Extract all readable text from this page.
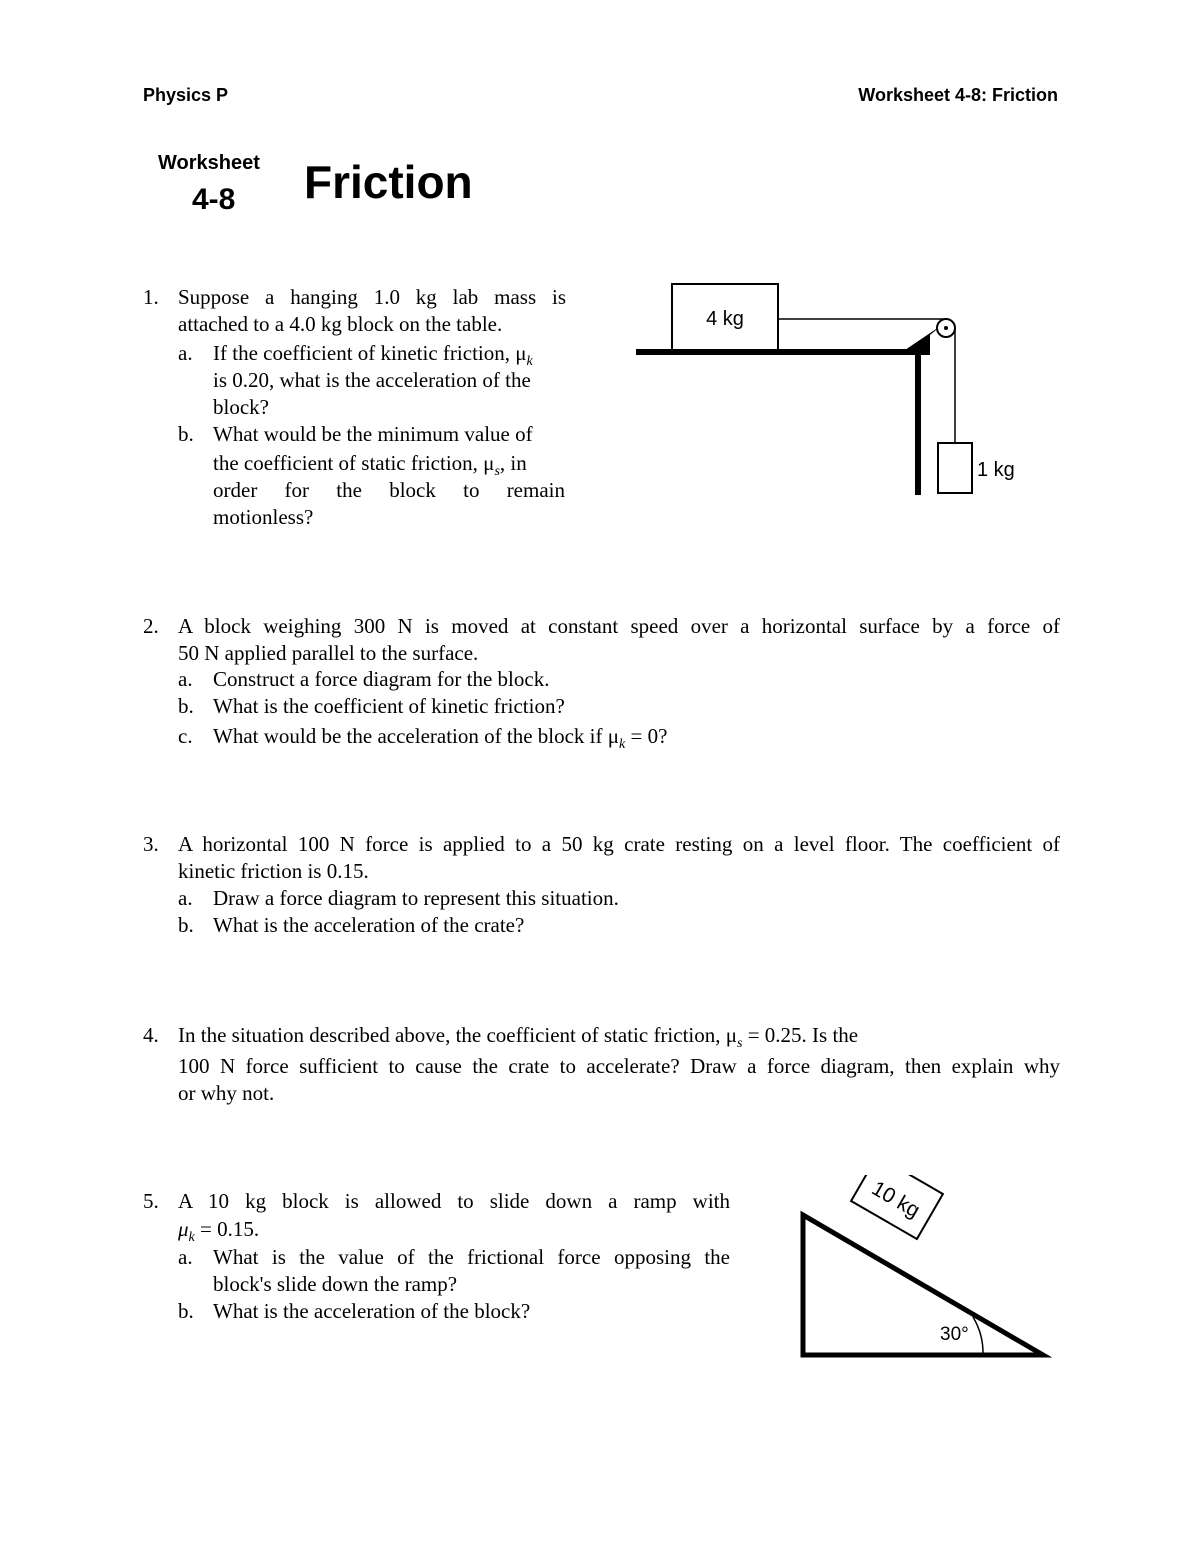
Physics P	Worksheet 4-8: Friction
Worksheet
4-8 Friction
1. Suppose a hanging 1.0 kg lab mass is
attached to a 4.0 kg block on the table.
a. If the coefficient of kinetic friction, $\mu_k$
is 0.20, what is the acceleration of the
block?
b. What would be the minimum value of
the coefficient of static friction, $\mu_s$, in
order for the block to remain
motionless?
4 kg
1 kg
2. A block weighing 300 N is moved at constant speed over a horizontal surface by a force of
50 N applied parallel to the surface.
a. Construct a force diagram for the block.
b. What is the coefficient of kinetic friction?
c. What would be the acceleration of the block if $\mu_k = 0$?
3. A horizontal 100 N force is applied to a 50 kg crate resting on a level floor. The coefficient of
kinetic friction is 0.15.
a. Draw a force diagram to represent this situation.
b. What is the acceleration of the crate?
4. In the situation described above, the coefficient of static friction, $\mu_s = 0.25$. Is the
100 N force sufficient to cause the crate to accelerate? Draw a force diagram, then explain why
or why not.
5. A 10 kg block is allowed to slide down a ramp with
$\mu_k = 0.15$.
a. What is the value of the frictional force opposing the
block's slide down the ramp?
b. What is the acceleration of the block?
10 kg
30°
